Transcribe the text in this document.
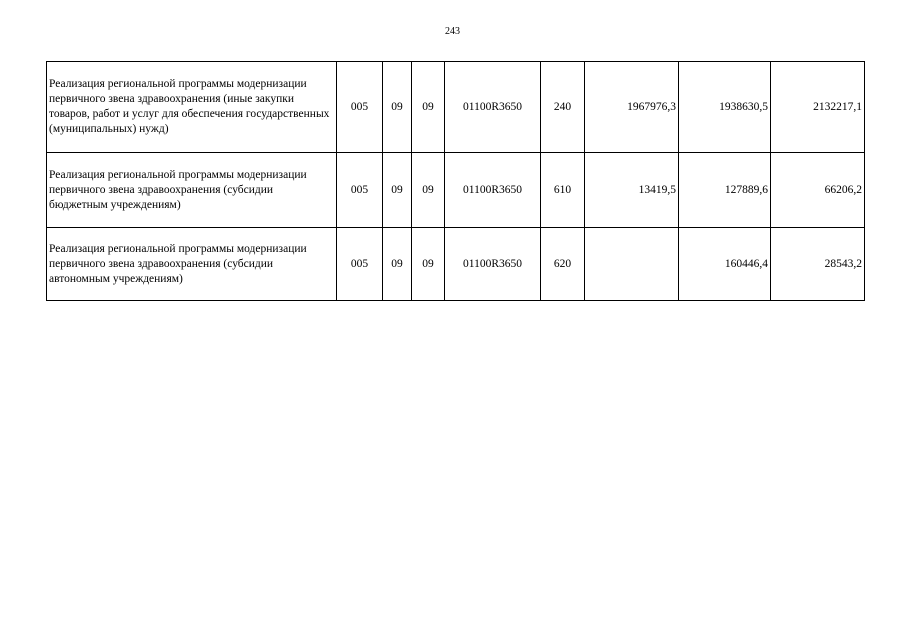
243
Реализация региональной программы модернизации первичного звена здравоохранения (иные закупки товаров, работ и услуг для обеспечения государственных (муниципальных) нужд)	005	09	09	01100R3650	240	1967976,3	1938630,5	2132217,1
Реализация региональной программы модернизации первичного звена здравоохранения (субсидии бюджетным учреждениям)	005	09	09	01100R3650	610	13419,5	127889,6	66206,2
Реализация региональной программы модернизации первичного звена здравоохранения (субсидии автономным учреждениям)	005	09	09	01100R3650	620		160446,4	28543,2
